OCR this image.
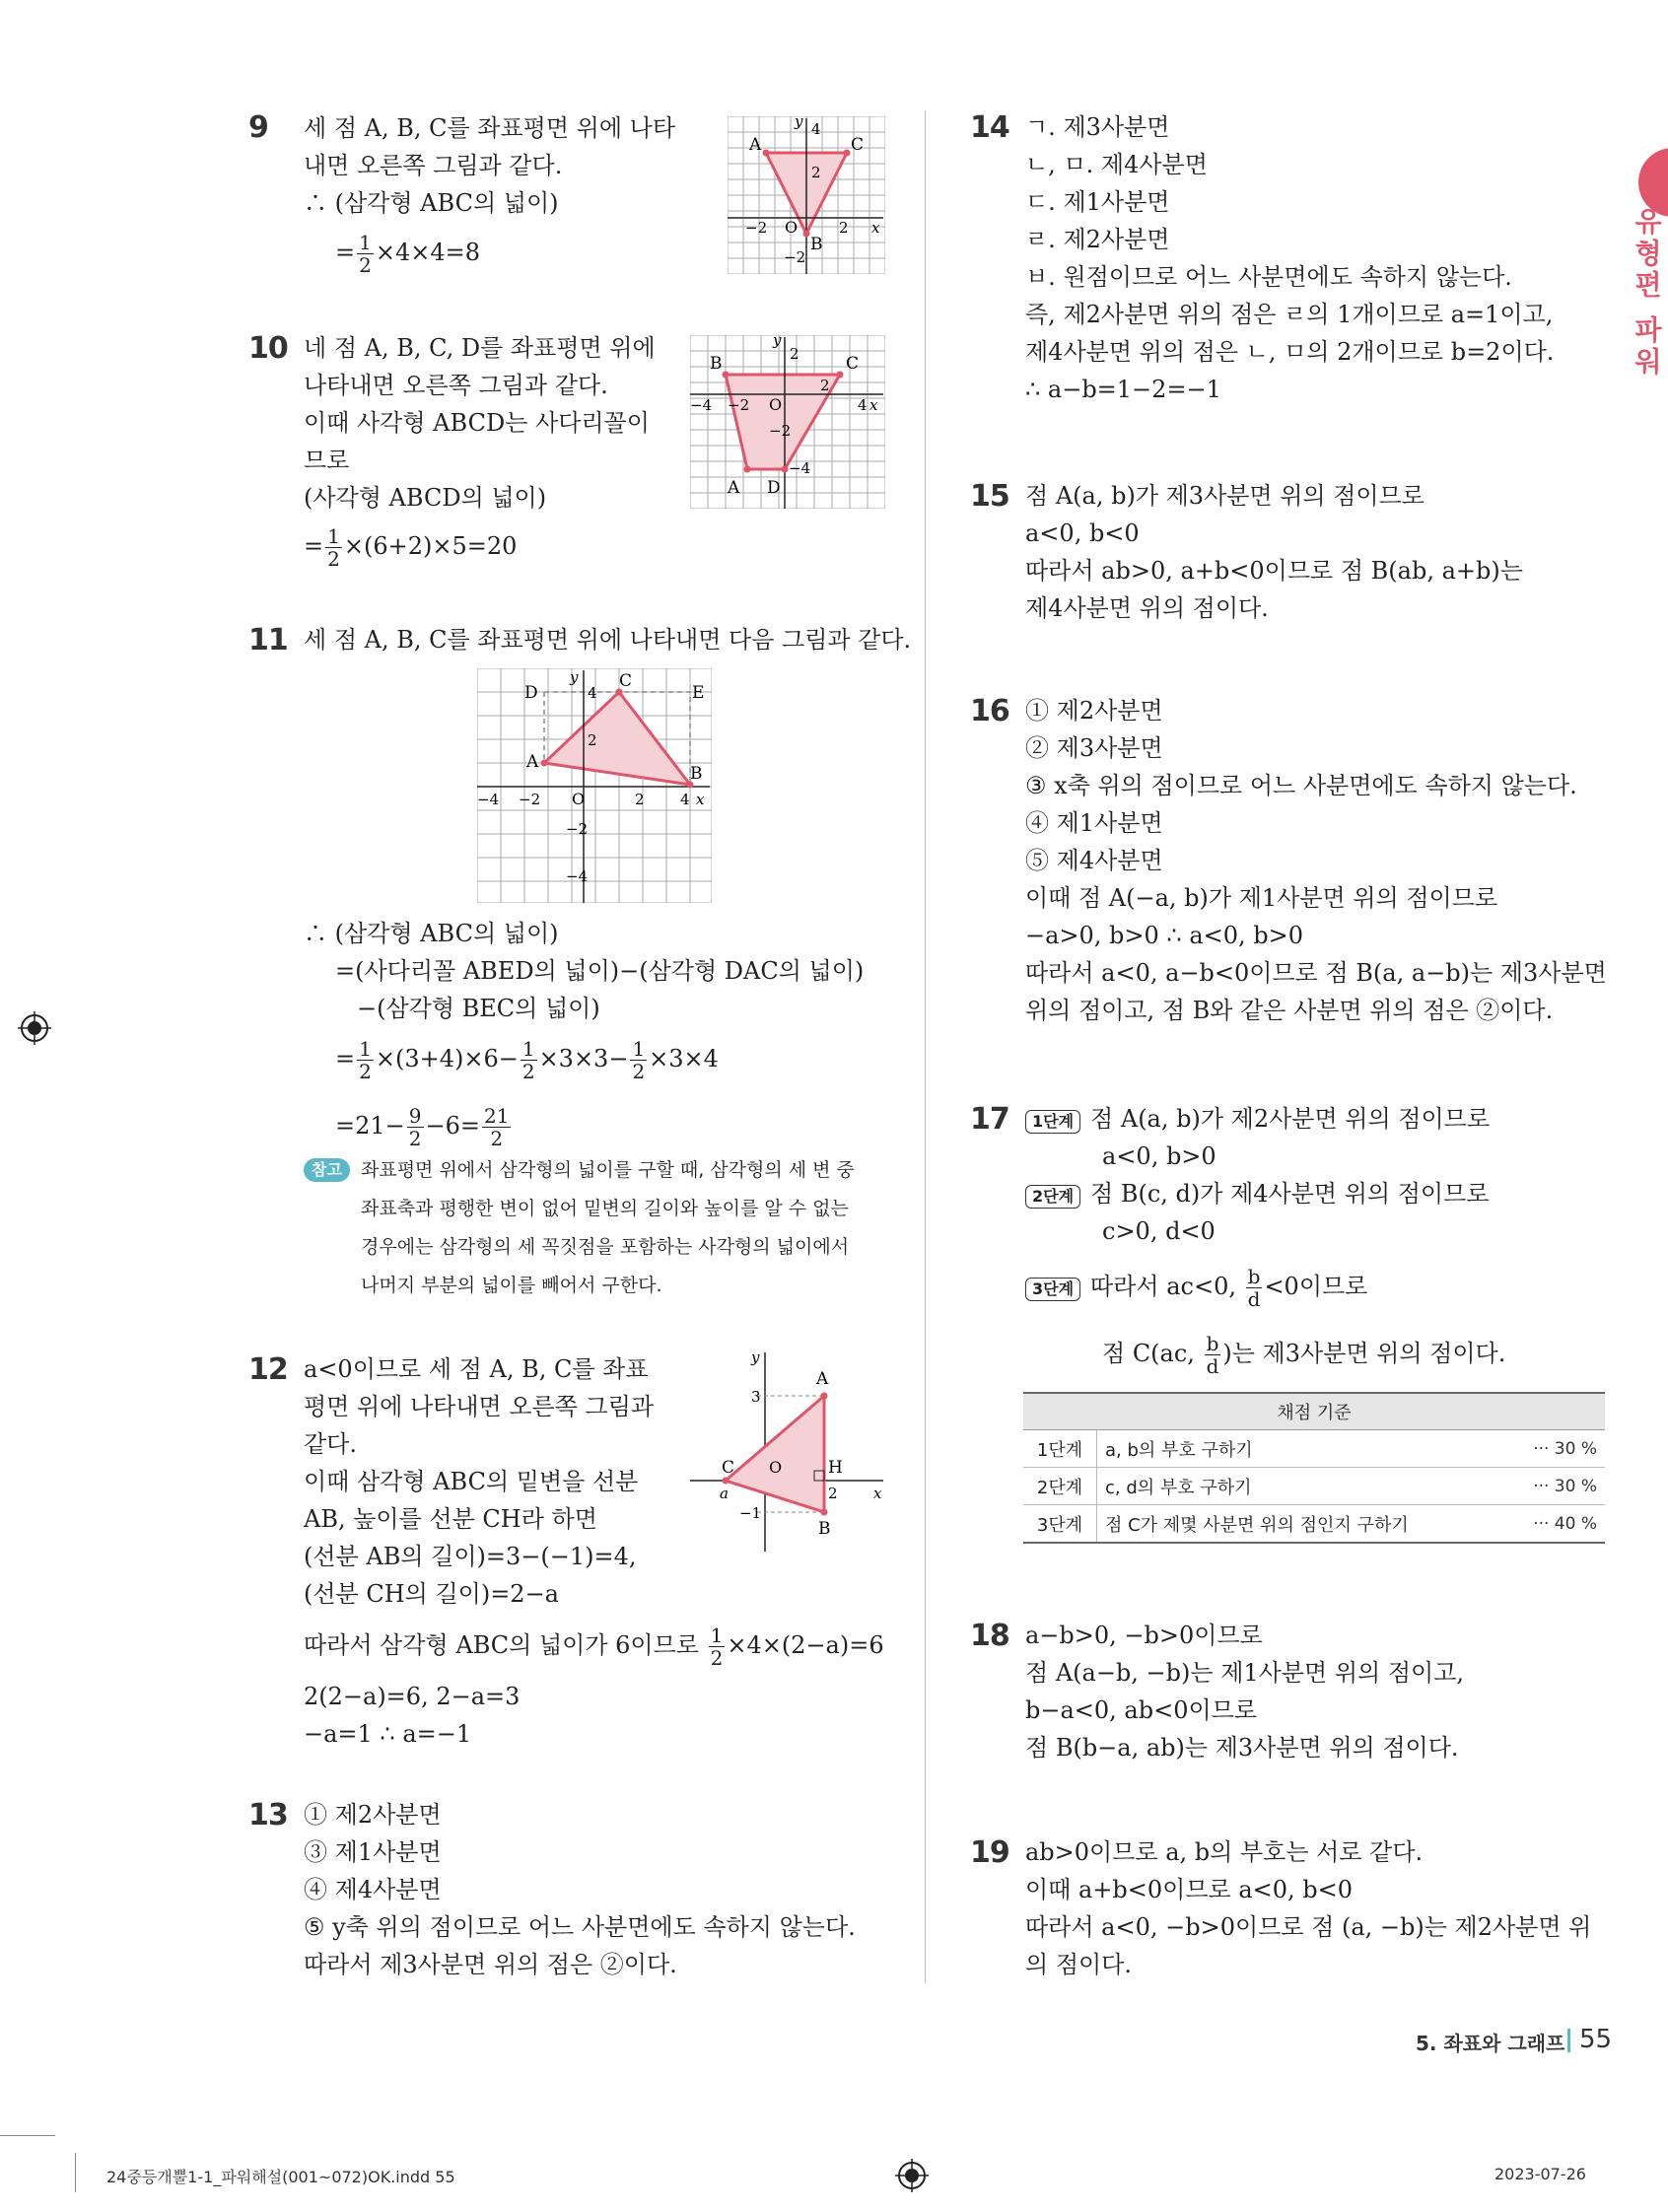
유형편 파워
9 세 점 A, B, C를 좌표평면 위에 나타
내면 오른쪽 그림과 같다.
∴ (삼각형 ABC의 넓이)
= $\frac{1}{2} \times 4\times 4=8$
A	C
B
O
4
2
−2
2
−2	x
y
10 네 점 A, B, C, D를 좌표평면 위에
나타내면 오른쪽 그림과 같다.
이때 사각형 ABCD는 사다리꼴이
므로
(사각형 ABCD의 넓이)
= $\frac{1}{2} \times(6+2)\times 5=20$
B	C
A D
O
2
2
−2
−4
−4 −2	4 x
y
11 세 점 A, B, C를 좌표평면 위에 나타내면 다음 그림과 같다.
D
C
E
A
B
O
4
2
−2
−4
−4 −2	2 4 x
y
∴ (삼각형 ABC의 넓이)
=(사다리꼴 ABED의 넓이)−(삼각형 DAC의 넓이)
−(삼각형 BEC의 넓이)
= $\frac{1}{2} \times(3+4)\times 6- \frac{1}{2} \times 3\times 3- \frac{1}{2} \times 3\times 4$
$=21- \frac{9}{2} -6= \frac{21}{2}$
참고	좌표평면 위에서 삼각형의 넓이를 구할 때, 삼각형의 세 변 중
좌표축과 평행한 변이 없어 밑변의 길이와 높이를 알 수 없는
경우에는 삼각형의 세 꼭짓점을 포함하는 사각형의 넓이에서
나머지 부분의 넓이를 빼어서 구한다.
12 a<0이므로 세 점 A, B, C를 좌표
평면 위에 나타내면 오른쪽 그림과
같다.
이때 삼각형 ABC의 밑변을 선분
AB, 높이를 선분 CH라 하면
(선분 AB의 길이)=3−(−1)=4,
(선분 CH의 길이)=2−a
따라서 삼각형 ABC의 넓이가 6이므로 $\frac{1}{2} \times 4\times(2-a)=6$
2(2−a)=6, 2−a=3
−a=1 ∴ a=−1
A
C O	H
B
3
−1
a	2 x
y
13 ① 제2사분면
③ 제1사분면
④ 제4사분면
⑤ y축 위의 점이므로 어느 사분면에도 속하지 않는다.
따라서 제3사분면 위의 점은 ②이다.
14 ㄱ. 제3사분면
ㄴ, ㅁ. 제4사분면
ㄷ. 제1사분면
ㄹ. 제2사분면
ㅂ. 원점이므로 어느 사분면에도 속하지 않는다.
즉, 제2사분면 위의 점은 ㄹ의 1개이므로 a=1이고,
제4사분면 위의 점은 ㄴ, ㅁ의 2개이므로 b=2이다.
∴ a−b=1−2=−1
15 점 A(a, b)가 제3사분면 위의 점이므로
a<0, b<0
따라서 ab>0, a+b<0이므로 점 B(ab, a+b)는
제4사분면 위의 점이다.
16 ① 제2사분면
② 제3사분면
③ x축 위의 점이므로 어느 사분면에도 속하지 않는다.
④ 제1사분면
⑤ 제4사분면
이때 점 A(−a, b)가 제1사분면 위의 점이므로
−a>0, b>0 ∴ a<0, b>0
따라서 a<0, a−b<0이므로 점 B(a, a−b)는 제3사분면
위의 점이고, 점 B와 같은 사분면 위의 점은 ②이다.
17	1단계 점 A(a, b)가 제2사분면 위의 점이므로
a<0, b>0
2단계 점 B(c, d)가 제4사분면 위의 점이므로
c>0, d<0
3단계 따라서 ac<0, $\frac{b}{d} <0$이므로
점 C(ac, $\frac{b}{d}$ )는 제3사분면 위의 점이다.
채점 기준		
1단계	a, b의 부호 구하기	··· 30 %
2단계	c, d의 부호 구하기	··· 30 %
3단계	점 C가 제몇 사분면 위의 점인지 구하기	··· 40 %
18 a−b>0, −b>0이므로
점 A(a−b, −b)는 제1사분면 위의 점이고,
b−a<0, ab<0이므로
점 B(b−a, ab)는 제3사분면 위의 점이다.
19 ab>0이므로 a, b의 부호는 서로 같다.
이때 a+b<0이므로 a<0, b<0
따라서 a<0, −b>0이므로 점 (a, −b)는 제2사분면 위
의 점이다.
5. 좌표와 그래프 55
24중등개뿔1-1_파워해설(001~072)OK.indd 55	2023-07-26
